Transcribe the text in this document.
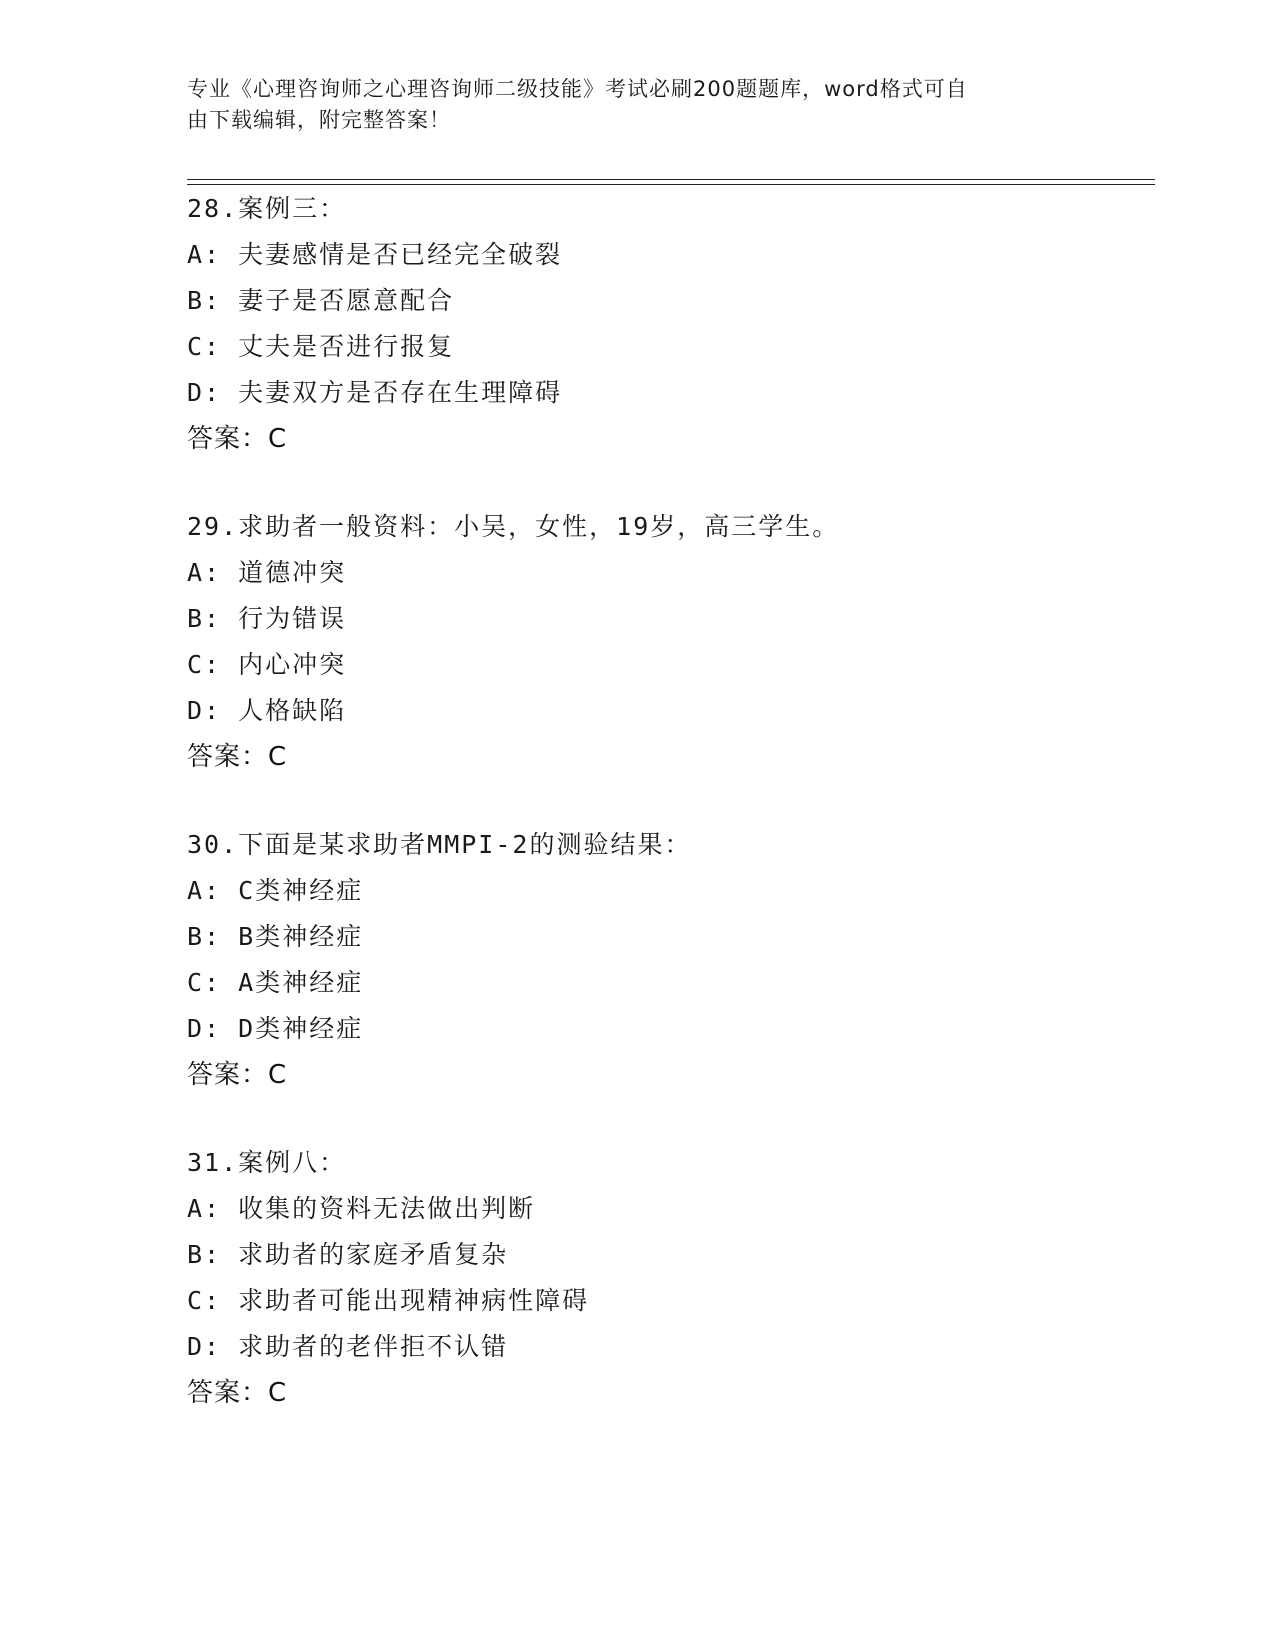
专业《心理咨询师之心理咨询师二级技能》考试必刷200题题库，word格式可自
由下载编辑，附完整答案！
28.案例三：
A: 夫妻感情是否已经完全破裂
B: 妻子是否愿意配合
C: 丈夫是否进行报复
D: 夫妻双方是否存在生理障碍
答案：C
29.求助者一般资料：小吴，女性，19岁，高三学生。
A: 道德冲突
B: 行为错误
C: 内心冲突
D: 人格缺陷
答案：C
30.下面是某求助者MMPI-2的测验结果：
A: C类神经症
B: B类神经症
C: A类神经症
D: D类神经症
答案：C
31.案例八：
A: 收集的资料无法做出判断
B: 求助者的家庭矛盾复杂
C: 求助者可能出现精神病性障碍
D: 求助者的老伴拒不认错
答案：C
